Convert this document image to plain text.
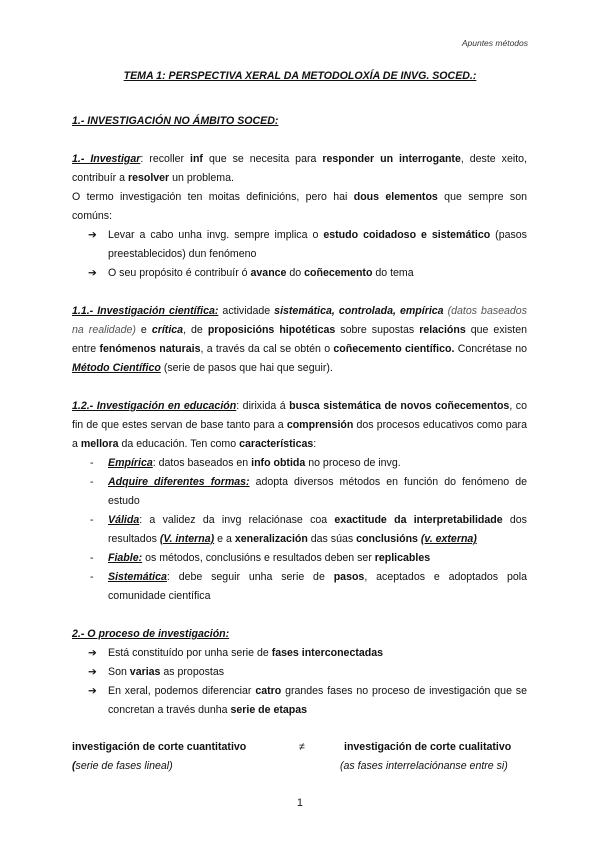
Apuntes métodos
TEMA 1: PERSPECTIVA XERAL DA METODOLOXÍA DE INVG. SOCED.:

1.- INVESTIGACIÓN NO ÁMBITO SOCED:

1.- Investigar: recoller inf que se necesita para responder un interrogante, deste xeito, contribuír a resolver un problema.

O termo investigación ten moitas definicións, pero hai dous elementos que sempre son comúns:

➔ Levar a cabo unha invg. sempre implica o estudo coidadoso e sistemático (pasos preestablecidos) dun fenómeno
➔ O seu propósito é contribuír ó avance do coñecemento do tema

1.1.- Investigación científica: actividade sistemática, controlada, empírica (datos baseados na realidade) e crítica, de proposicións hipotéticas sobre supostas relacións que existen entre fenómenos naturais, a través da cal se obtén o coñecemento científico. Concrétase no Método Científico (serie de pasos que hai que seguir).

1.2.- Investigación en educación: dirixida á busca sistemática de novos coñecementos, co fin de que estes servan de base tanto para a comprensión dos procesos educativos como para a mellora da educación. Ten como características:

- Empírica: datos baseados en info obtida no proceso de invg.
- Adquire diferentes formas: adopta diversos métodos en función do fenómeno de estudo
- Válida: a validez da invg relaciónase coa exactitude da interpretabilidade dos resultados (V. interna) e a xeneralización das súas conclusións (v. externa)
- Fiable: os métodos, conclusións e resultados deben ser replicables
- Sistemática: debe seguir unha serie de pasos, aceptados e adoptados pola comunidade científica

2.- O proceso de investigación:

➔ Está constituído por unha serie de fases interconectadas
➔ Son varias as propostas
➔ En xeral, podemos diferenciar catro grandes fases no proceso de investigación que se concretan a través dunha serie de etapas
investigación de corte cuantitativo	≠	investigación de corte cualitativo
(serie de fases lineal)	(as fases interrelaciónanse entre si)
1
